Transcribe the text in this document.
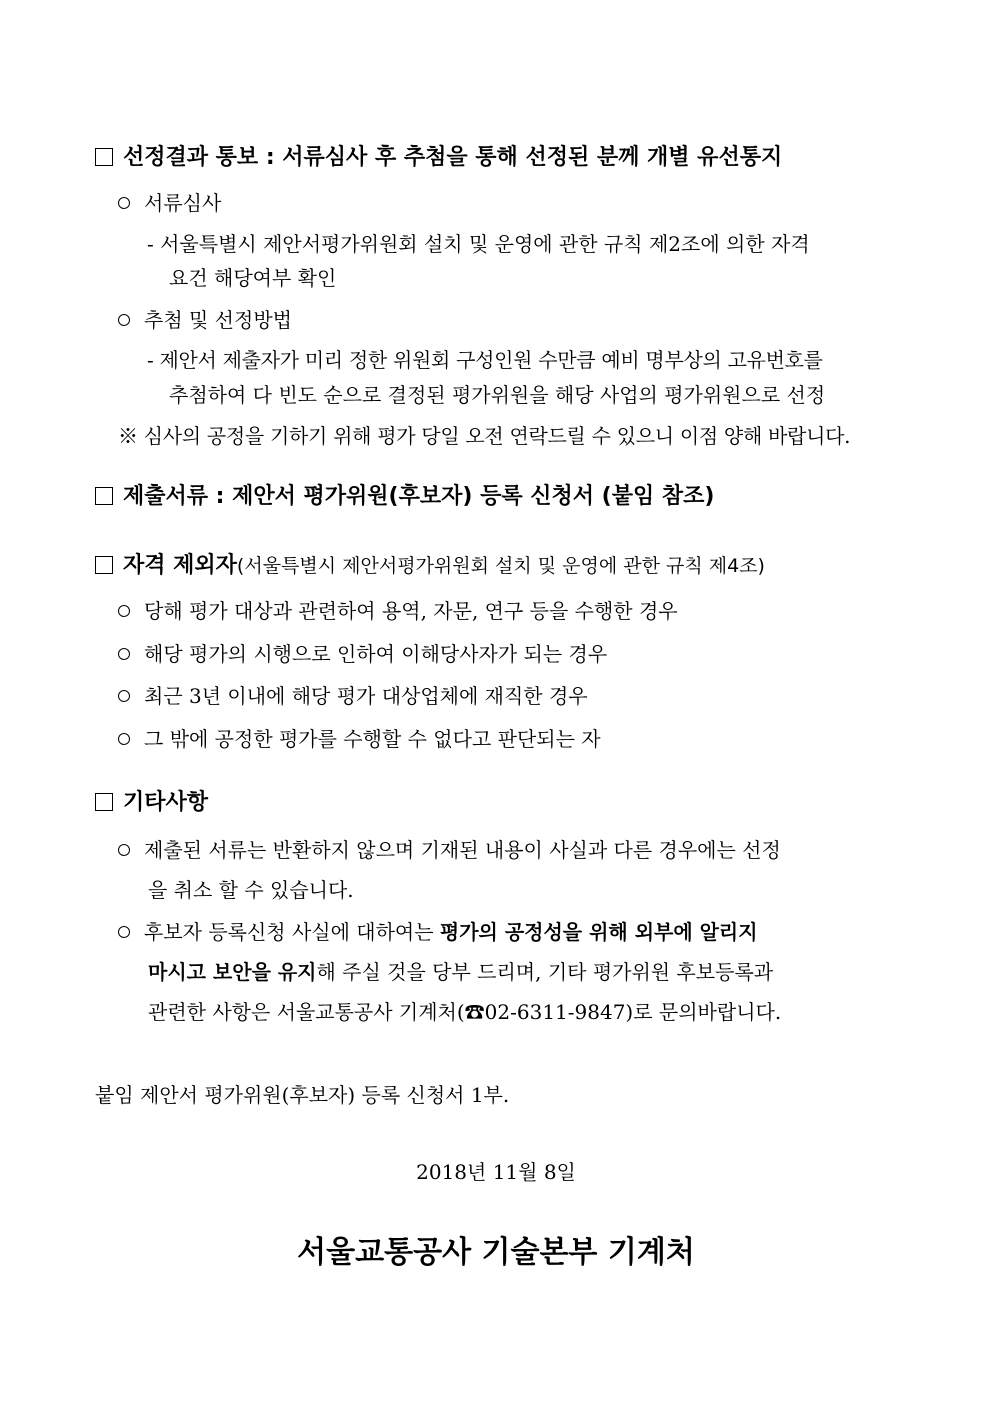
선정결과 통보 : 서류심사 후 추첨을 통해 선정된 분께 개별 유선통지
서류심사
- 서울특별시 제안서평가위원회 설치 및 운영에 관한 규칙 제2조에 의한 자격
요건 해당여부 확인
추첨 및 선정방법
- 제안서 제출자가 미리 정한 위원회 구성인원 수만큼 예비 명부상의 고유번호를
추첨하여 다 빈도 순으로 결정된 평가위원을 해당 사업의 평가위원으로 선정
※ 심사의 공정을 기하기 위해 평가 당일 오전 연락드릴 수 있으니 이점 양해 바랍니다.
제출서류 : 제안서 평가위원(후보자) 등록 신청서 (붙임 참조)
자격 제외자(서울특별시 제안서평가위원회 설치 및 운영에 관한 규칙 제4조)
당해 평가 대상과 관련하여 용역, 자문, 연구 등을 수행한 경우
해당 평가의 시행으로 인하여 이해당사자가 되는 경우
최근 3년 이내에 해당 평가 대상업체에 재직한 경우
그 밖에 공정한 평가를 수행할 수 없다고 판단되는 자
기타사항
제출된 서류는 반환하지 않으며 기재된 내용이 사실과 다른 경우에는 선정
을 취소 할 수 있습니다.
후보자 등록신청 사실에 대하여는 평가의 공정성을 위해 외부에 알리지
마시고 보안을 유지해 주실 것을 당부 드리며, 기타 평가위원 후보등록과
관련한 사항은 서울교통공사 기계처(☎02-6311-9847)로 문의바랍니다.
붙임 제안서 평가위원(후보자) 등록 신청서 1부.
2018년 11월 8일
서울교통공사 기술본부 기계처
